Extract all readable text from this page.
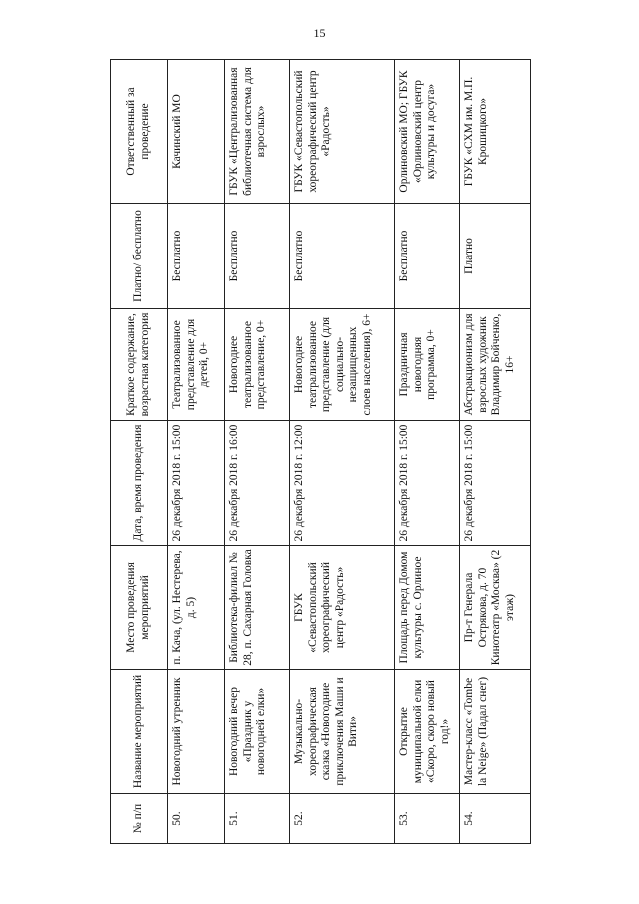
15
№ п/п	Название мероприятий	Место проведения мероприятий	Дата, время проведения	Краткое содержание, возрастная категория	Платно/ бесплатно	Ответственный за проведение
50.	Новогодний утренник	п. Кача, (ул. Нестерева, д. 5)	26 декабря 2018 г. 15:00	Театрализованное представление для детей, 0+	Бесплатно	Качинский МО
51.	Новогодний вечер «Праздник у новогодней елки»	Библиотека-филиал № 28, п. Сахарная Головка	26 декабря 2018 г. 16:00	Новогоднее театрализованное представление, 0+	Бесплатно	ГБУК «Централизованная библиотечная система для взрослых»
52.	Музыкально-хореографическая сказка «Новогодние приключения Маши и Вити»	ГБУК «Севастопольский хореографический центр «Радость»	26 декабря 2018 г. 12:00	Новогоднее театрализованное представление (для социально-незащищенных слоев населения), 6+	Бесплатно	ГБУК «Севастопольский хореографический центр «Радость»
53.	Открытие муниципальной елки «Скоро, скоро новый год!»	Площадь перед Домом культуры с. Орлиное	26 декабря 2018 г. 15:00	Праздничная новогодняя программа, 0+	Бесплатно	Орлиновский МО; ГБУК «Орлиновский центр культуры и досуга»
54.	Мастер-класс «Tombe la Neige» (Падал снег)	Пр-т Генерала Острякова, д. 70 Кинотеатр «Москва» (2 этаж)	26 декабря 2018 г. 15:00	Абстракционизм для взрослых художник Владимир Бойченко, 16+	Платно	ГБУК «СХМ им. М.П. Крошицкого»
